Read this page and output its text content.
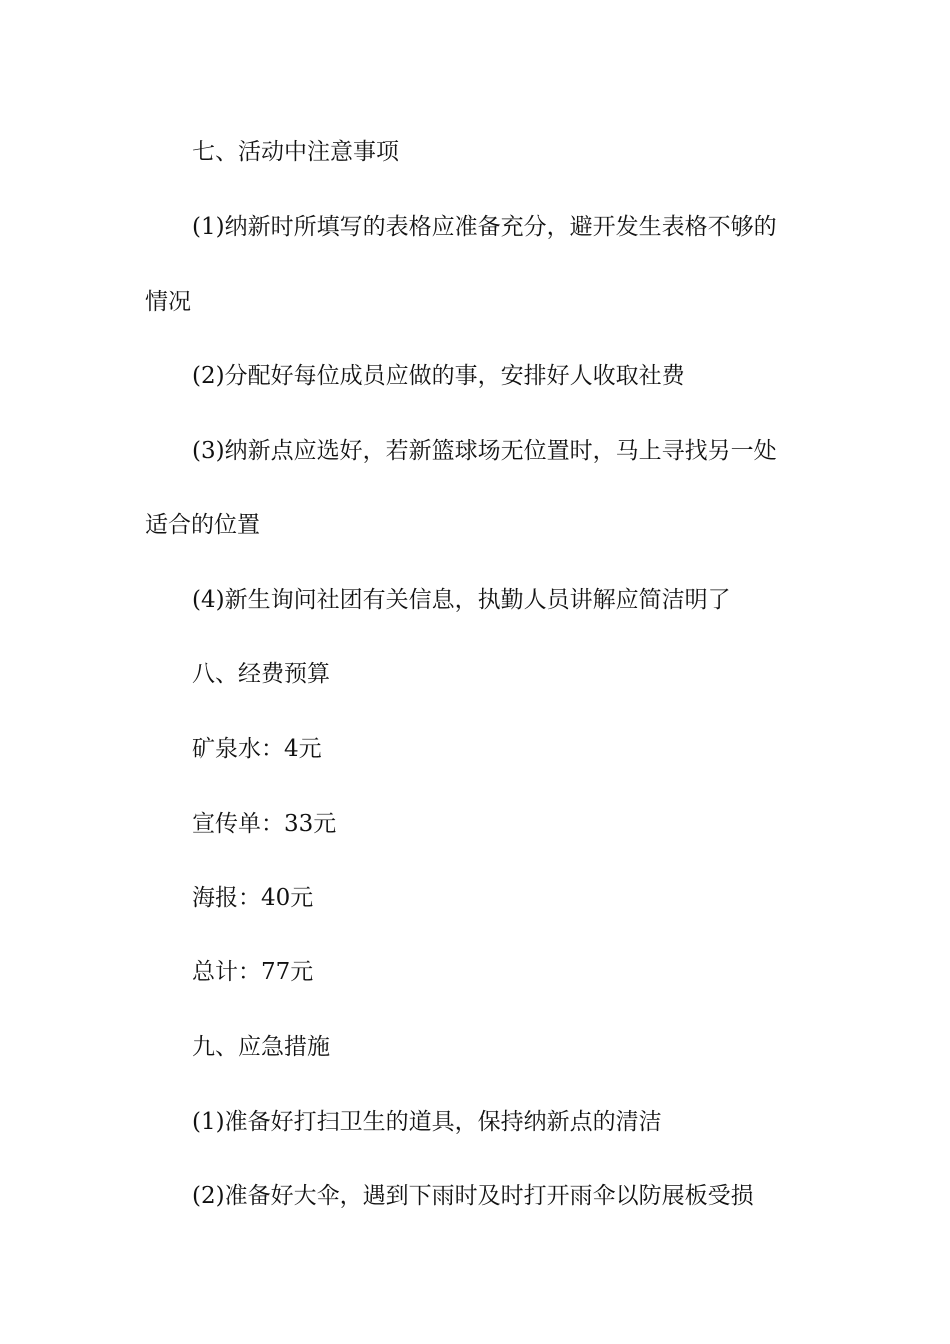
七、活动中注意事项
(1)纳新时所填写的表格应准备充分，避开发生表格不够的
情况
(2)分配好每位成员应做的事，安排好人收取社费
(3)纳新点应选好，若新篮球场无位置时，马上寻找另一处
适合的位置
(4)新生询问社团有关信息，执勤人员讲解应简洁明了
八、经费预算
矿泉水：4元
宣传单：33元
海报：40元
总计：77元
九、应急措施
(1)准备好打扫卫生的道具，保持纳新点的清洁
(2)准备好大伞，遇到下雨时及时打开雨伞以防展板受损
